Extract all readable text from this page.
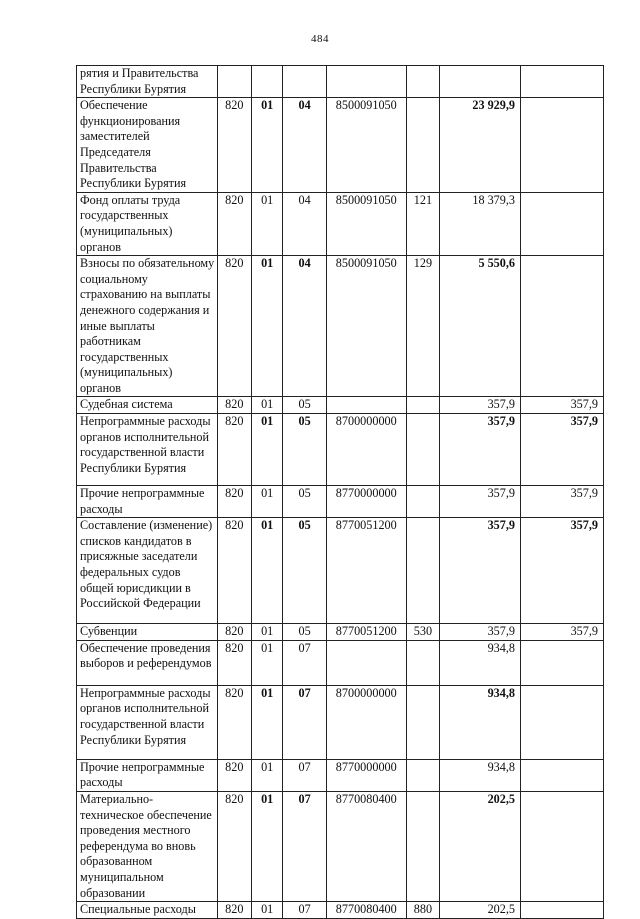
484
рятия и Правительства Республики Бурятия							
Обеспечение функционирования заместителей Председателя Правительства Республики Бурятия	820	01	04	8500091050		23 929,9	
Фонд оплаты труда государственных (муниципальных) органов	820	01	04	8500091050	121	18 379,3	
Взносы по обязательному социальному страхованию на выплаты денежного содержания и иные выплаты работникам государственных (муниципальных) органов	820	01	04	8500091050	129	5 550,6	
Судебная система	820	01	05			357,9	357,9
Непрограммные расходы органов исполнительной государственной власти Республики Бурятия	820	01	05	8700000000		357,9	357,9
Прочие непрограммные расходы	820	01	05	8770000000		357,9	357,9
Составление (изменение) списков кандидатов в присяжные заседатели федеральных судов общей юрисдикции в Российской Федерации	820	01	05	8770051200		357,9	357,9
Субвенции	820	01	05	8770051200	530	357,9	357,9
Обеспечение проведения выборов и референдумов	820	01	07			934,8	
Непрограммные расходы органов исполнительной государственной власти Республики Бурятия	820	01	07	8700000000		934,8	
Прочие непрограммные расходы	820	01	07	8770000000		934,8	
Материально- техническое обеспечение проведения местного референдума во вновь образованном муниципальном образовании	820	01	07	8770080400		202,5	
Специальные расходы	820	01	07	8770080400	880	202,5	
